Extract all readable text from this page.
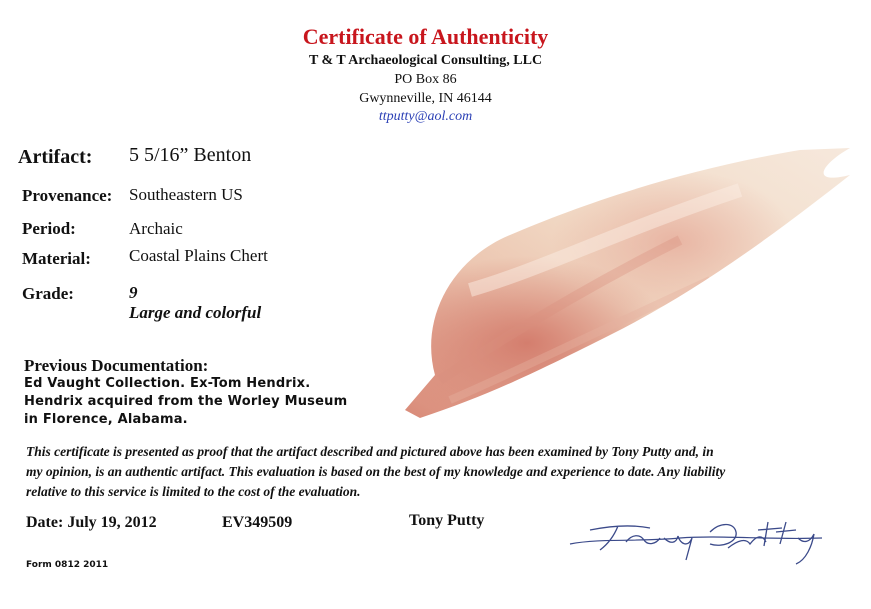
Certificate of Authenticity
T & T Archaeological Consulting, LLC
PO Box 86
Gwynneville, IN 46144
ttputty@aol.com
Artifact: 5 5/16” Benton
Provenance: Southeastern US
Period:	Archaic
Material: Coastal Plains Chert
Grade:	9
Large and colorful
Previous Documentation:
Ed Vaught Collection. Ex-Tom Hendrix.
Hendrix acquired from the Worley Museum
in Florence, Alabama.
This certificate is presented as proof that the artifact described and pictured above has been examined by Tony Putty and, in
my opinion, is an authentic artifact. This evaluation is based on the best of my knowledge and experience to date. Any liability
relative to this service is limited to the cost of the evaluation.
Date: July 19, 2012	EV349509	Tony Putty
Form 0812 2011
